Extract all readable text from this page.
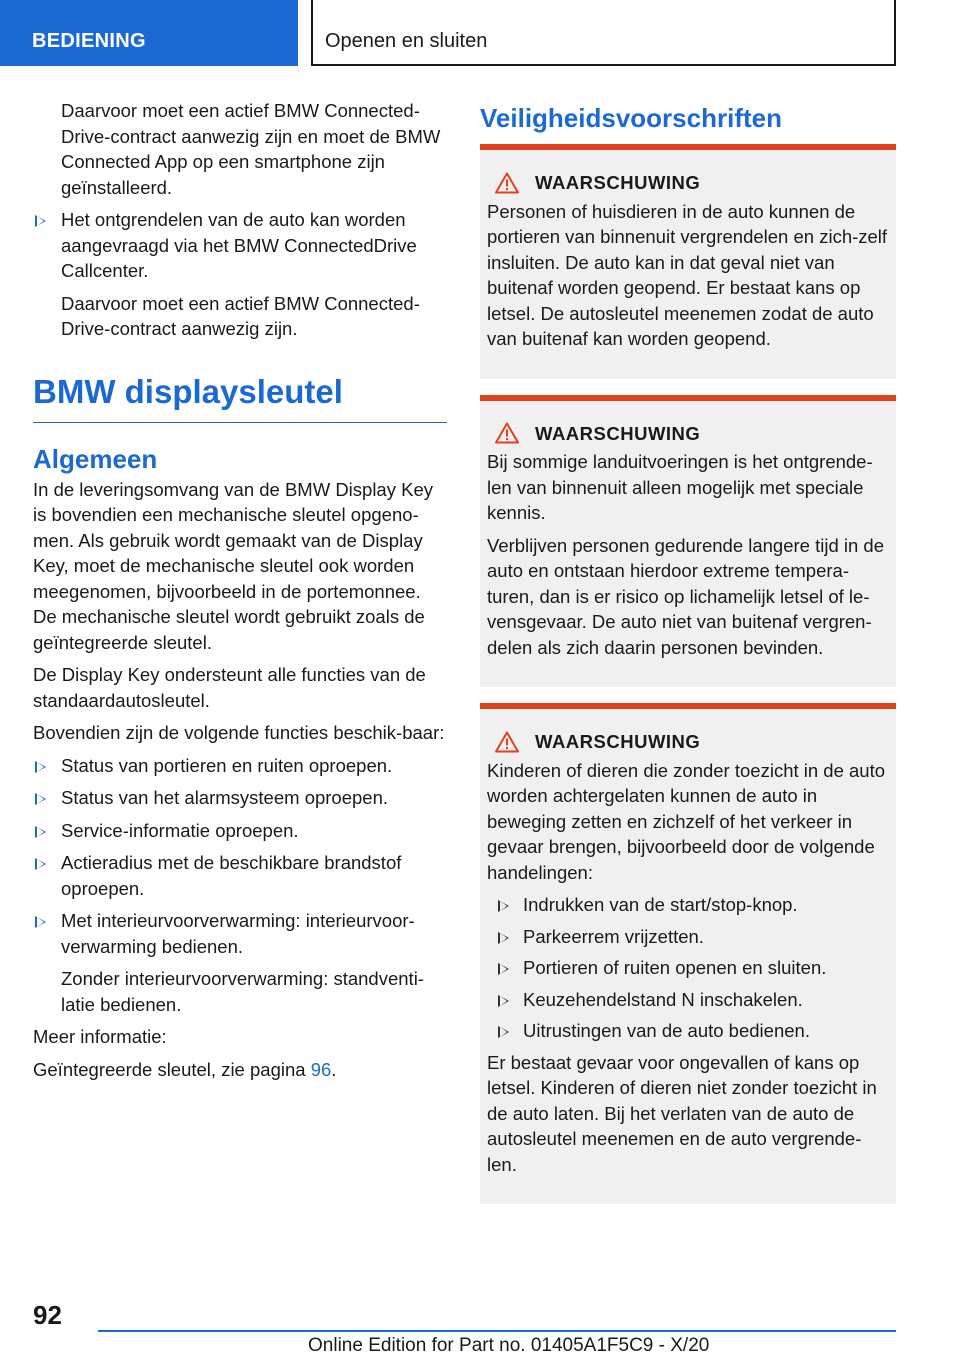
BEDIENING	Openen en sluiten

Daarvoor moet een actief BMW Connected-Drive-contract aanwezig zijn en moet de BMW Connected App op een smartphone zijn geïnstalleerd.

Het ontgrendelen van de auto kan worden aangevraagd via het BMW ConnectedDrive Callcenter.

Daarvoor moet een actief BMW Connected-Drive-contract aanwezig zijn.

BMW displaysleutel
Algemeen

In de leveringsomvang van de BMW Display Key is bovendien een mechanische sleutel opgeno-men. Als gebruik wordt gemaakt van de Display Key, moet de mechanische sleutel ook worden meegenomen, bijvoorbeeld in de portemonnee. De mechanische sleutel wordt gebruikt zoals de geïntegreerde sleutel.

De Display Key ondersteunt alle functies van de standaardautosleutel.

Bovendien zijn de volgende functies beschik-baar:

Status van portieren en ruiten oproepen.
Status van het alarmsysteem oproepen.
Service-informatie oproepen.
Actieradius met de beschikbare brandstof oproepen.
Met interieurvoorverwarming: interieurvoor-verwarming bedienen.

Zonder interieurvoorverwarming: standventi-latie bedienen.

Meer informatie:

Geïntegreerde sleutel, zie pagina 96.

Veiligheidsvoorschriften
WAARSCHUWING

Personen of huisdieren in de auto kunnen de portieren van binnenuit vergrendelen en zich-zelf insluiten. De auto kan in dat geval niet van buitenaf worden geopend. Er bestaat kans op letsel. De autosleutel meenemen zodat de auto van buitenaf kan worden geopend.

WAARSCHUWING

Bij sommige landuitvoeringen is het ontgrende-len van binnenuit alleen mogelijk met speciale kennis.

Verblijven personen gedurende langere tijd in de auto en ontstaan hierdoor extreme tempera-turen, dan is er risico op lichamelijk letsel of le-vensgevaar. De auto niet van buitenaf vergren-delen als zich daarin personen bevinden.

WAARSCHUWING

Kinderen of dieren die zonder toezicht in de auto worden achtergelaten kunnen de auto in beweging zetten en zichzelf of het verkeer in gevaar brengen, bijvoorbeeld door de volgende handelingen:

Indrukken van de start/stop-knop.
Parkeerrem vrijzetten.
Portieren of ruiten openen en sluiten.
Keuzehendelstand N inschakelen.
Uitrustingen van de auto bedienen.

Er bestaat gevaar voor ongevallen of kans op letsel. Kinderen of dieren niet zonder toezicht in de auto laten. Bij het verlaten van de auto de autosleutel meenemen en de auto vergrende-len.

92
Online Edition for Part no. 01405A1F5C9 - X/20
